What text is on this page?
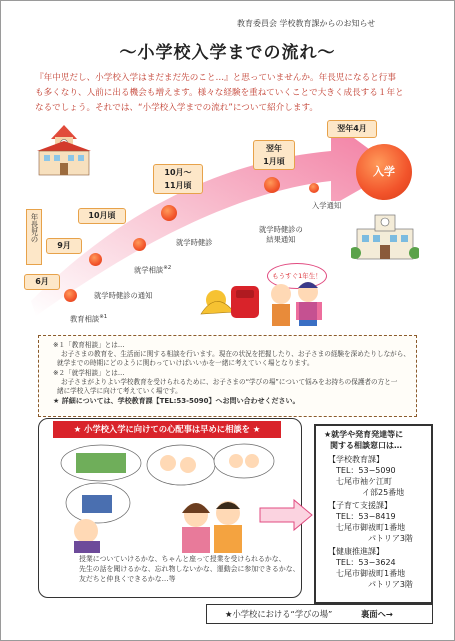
教育委員会 学校教育課からのお知らせ
〜小学校入学までの流れ〜
『年中児だし、小学校入学はまだまだ先のこと…』と思っていませんか。年長児になると行事
も多くなり、人前に出る機会も増えます。様々な経験を重ねていくことで大きく成長する１年と
なるでしょう。それでは、“小学校入学までの流れ”について紹介します。
年長児の
6月
9月
10月頃
10月〜
11月頃
翌年
1月頃
翌年4月
入学
教育相談$^{※1}$
就学時健診の通知
就学相談$^{※2}$
就学時健診
就学時健診の
結果通知
入学通知
もうすぐ1年生！
※１「教育相談」とは…
お子さまの教育を、生活面に関する相談を行います。現在の状況を把握したり、お子さまの経験を深めたりしながら、
就学までの時期にどのように関わっていけばいいかを一緒に考えていく場となります。
※２「就学相談」とは…
お子さまがよりよい学校教育を受けられるために、お子さまの“学びの場”について悩みをお持ちの保護者の方と一
緒に学校入学に向けて考えていく場です。
★ 詳細については、学校教育課【TEL:53-5090】へお問い合わせください。
★ 小学校入学に向けての心配事は早めに相談を ★
授業についていけるかな、ちゃんと座って授業を受けられるかな、
先生の話を聞けるかな、忘れ物しないかな、運動会に参加できるかな、
友だちと仲良くできるかな…等
★就学や発育発達等に
関する相談窓口は…
【学校教育課】
TEL：53−5090
七尾市袖ケ江町
イ部25番地
【子育て支援課】
TEL：53−8419
七尾市御祓町1番地
パトリア3階
【健康推進課】
TEL：53−3624
七尾市御祓町1番地
パトリア3階
★小学校における“学びの場”	裏面へ→
